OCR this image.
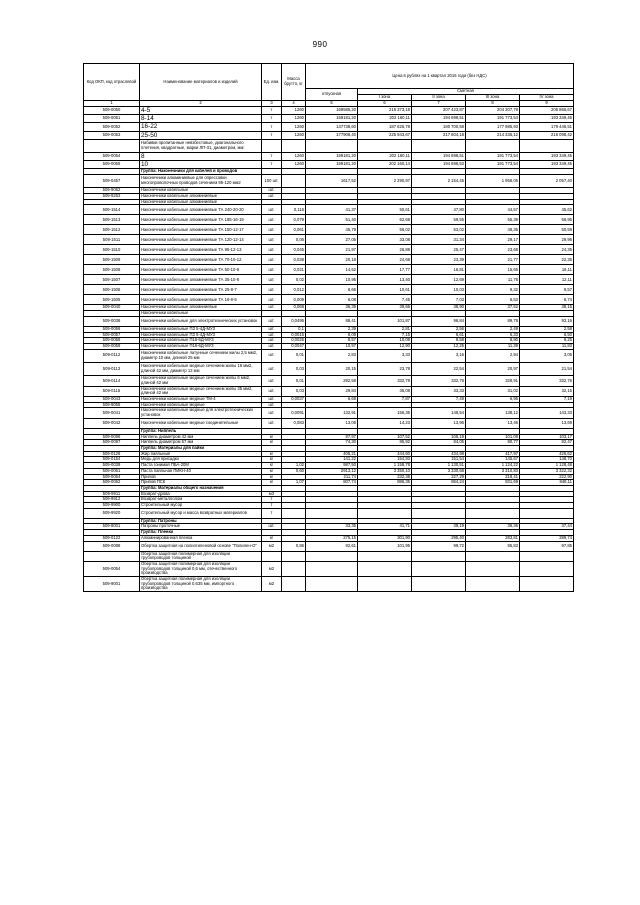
990
Код ОКП, код отраслевой	Наименование материалов и изделий	Ед. изм.	Масса брутто, кг	Цена в рублях на 1 квартал 2016 года (без НДС)				
				отпускная	Сметная			
					I зона	II зона	III зона	IV зона
1	2	3	4	5	6	7	8	9
509-0050	4-5	т	1260	169585,20	215 373,18	207 423,87	204 307,78	205 866,67
509-0051	8-14	т	1260	159181,20	202 160,11	194 698,51	191 773,54	193 349,45
509-0052	16-22	т	1260	147738,60	187 625,78	180 700,58	177 985,93	179 446,51
509-0053	25-50	т	1260	177906,40	225 943,67	217 604,18	214 335,12	216 098,42
	Набивки пропитанные невзбестовые, диагонального плетения, квадратные, марки ЛП-31, диаметром, мм:							
509-0054	8	т	1260	159181,20	202 160,11	194 698,51	191 773,54	193 349,45
509-0055	10	т	1260	159181,20	202 160,14	194 698,53	191 773,54	193 349,45
	Группа: Наконечники для кабелей и проводов							
509-0457	Наконечники алюминиевые для опрессовки многопроволочных проводов сечением 95-120 мм2	100 шт.		1617,52	2 290,97	2 154,45	1 958,05	2 057,40
509-9062	Наконечники кабельные	шт.						
509-9253	Наконечники кабельные алюминиевые	шт.						
	Наконечники кабельные алюминиевые							
509-1514	Наконечники кабельные алюминиевые ТА 240-20-20	шт.	0,116	41,37	50,61	47,80	44,57	45,62
509-1513	Наконечники кабельные алюминиевые ТА 185-16-19	шт.	0,079	51,40	62,68	59,55	55,39	56,95
509-1512	Наконечники кабельные алюминиевые ТА 150-12-17	шт.	0,061	45,79	56,02	53,02	49,36	50,59
509-1511	Наконечники кабельные алюминиевые ТА 120-12-14	шт.	0,06	27,05	33,08	31,34	29,17	29,96
509-1510	Наконечники кабельные алюминиевые ТА 95-12-13	шт.	0,045	21,97	26,88	25,47	23,68	24,35
509-1509	Наконечники кабельные алюминиевые ТА 70-10-12	шт.	0,038	20,18	24,68	23,39	21,77	22,35
509-1508	Наконечники кабельные алюминиевые ТА 50-10-9	шт.	0,021	14,52	17,77	16,81	15,65	16,11
509-1507	Наконечники кабельные алюминиевые ТА 35-10-8	шт.	0,02	10,95	13,40	12,69	11,78	12,11
509-1506	Наконечники кабельные алюминиевые ТА 25-8-7	шт.	0,012	8,66	10,61	10,03	9,32	9,57
509-1505	Наконечники кабельные алюминиевые ТА 16-8-5	шт.	0,009	6,08	7,45	7,03	6,53	6,74
509-0040	Наконечники кабельные алюминиевые	шт.	0,068	36,39	39,66	38,90	37,52	38,15
	Наконечники кабельные							
509-0038	Наконечники кабельные для электротехнических установок	шт.	0,0495	88,41	101,87	96,84	89,78	93,16
509-0056	Наконечники кабельные ПЗ 5-4Д-МУ3	шт.	0,1	2,39	2,81	2,56	2,49	2,58
509-0057	Наконечники кабельные ПЗ 5-4Д-МУ3	шт.	0,0015	6,09	7,15	6,61	6,33	6,50
509-0058	Наконечники кабельные П16-6Д-МУ3	шт.	0,0026	8,57	10,08	9,58	8,90	9,25
509-0059	Наконечники кабельные П16-6Д-МУ3	шт.	0,0047	10,97	12,90	12,25	11,39	11,83
509-0112	Наконечники кабельные латунные сечением жилы 2,5 мм2, диаметр 10 мм, длиной 25 мм	шт.	0,01	2,83	3,33	3,16	2,94	3,05
509-0113	Наконечники кабельные медные сечением жилы 16 мм2, длиной 42 мм, диаметр 12 мм	шт.	0,03	20,15	23,78	22,54	20,97	21,54
509-0114	Наконечники кабельные медные сечением жилы 6 мм2, длиной 42 мм	шт.	0,01	292,58	332,78	332,76	328,91	332,76
509-0115	Наконечники кабельные медные сечением жилы 35 мм2, длиной 42 мм	шт.	0,03	29,84	35,08	33,33	31,02	32,15
509-0043	Наконечники кабельные медные ТМ-4	шт.	0,0037	6,68	7,87	7,49	6,95	7,19
509-9055	Наконечники кабельные медные	шт.						
509-0041	Наконечники кабельные медные для электротехнических установок	шт.	0,0091	132,91	156,35	148,54	138,12	143,33
509-0042	Наконечники кабельные медные соединительные	шт.	0,083	13,06	14,23	13,96	13,46	13,69
	Группа: Ниппель							
509-0096	Ниппель диаметром 42 мм	кг		87,97	107,52	105,19	101,08	103,17
509-0097	Ниппель диаметром 57 мм	кг		74,30	85,92	84,05	80,77	82,47
	Группа: Материалы для пайки							
509-0126	Жир паяльный	кг		405,21	444,60	434,98	417,97	426,62
509-0154	Медь для присадки	кг		141,22	154,93	151,54	145,67	148,70
509-0039	Паста гонимая ПБА-20М	кг	1,02	987,50	1 158,78	1 130,51	1 124,22	1 128,48
509-0061	Паста паяльная ПИКН-40	кг	0,60	2913,12	3 350,10	3 330,68	3 310,83	3 322,32
509-0064	Припой	кг		211,74	232,38	227,29	218,41	222,90
509-0062	Припой ПСК	кг	1,07	807,74	886,35	864,24	831,69	848,11
	Группа: Материалы общего назначения							
509-9911	Возврат-дрова	м3						
509-9912	Возврат-металлолом	т						
509-9900	Строительный мусор	т						
509-9920	Строительный мусор и масса возвратных материалов	т						
	Группа: Патроны							
509-8001	Патроны проточные	шт.		33,35	41,71	39,19	36,36	37,44
	Группа: Пленки							
509-0122	Алюминированная пленка	кг		275,15	301,90	295,40	283,81	289,74
509-0088	Обертка защитная на полиэтиленовой основе "Полилен-О"	м2	0,86	82,61	101,95	99,72	95,83	97,85
	Обертка защитная полимерная для изоляции трубопроводов толщиной							
509-0054	Обертка защитная полимерная для изоляции трубопроводов толщиной 0,6 мм, отечественного производства	м2						
509-9001	Обертка защитная полимерная для изоляции трубопроводов толщиной 0,635 мм, импортного производства	м2						
